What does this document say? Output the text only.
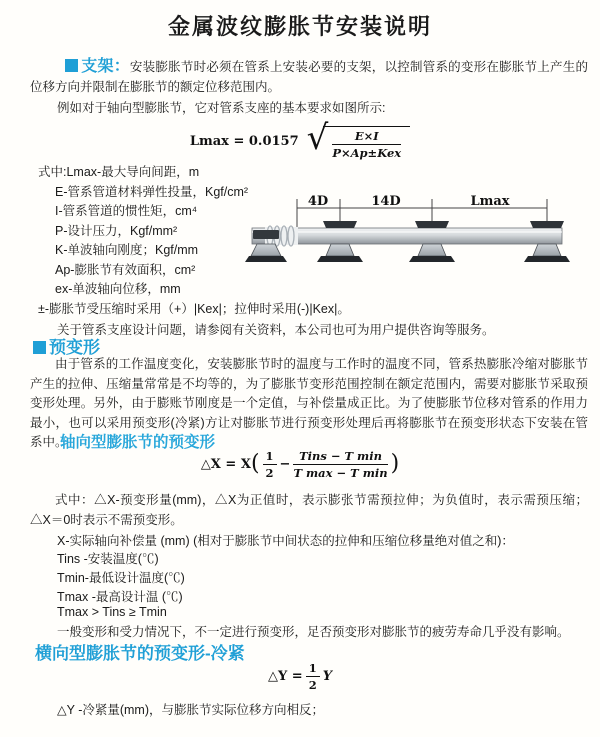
金属波纹膨胀节安装说明
支架：安装膨胀节时必须在管系上安装必要的支架，以控制管系的变形在膨胀节上产生的位移方向并限制在膨胀节的额定位移范围内。
例如对于轴向型膨胀节，它对管系支座的基本要求如图所示:
Lmax = 0.0157 √ $\frac{E\times I}{\text{P×Ap±Kex}}$
式中:Lmax-最大导向间距，m
E-管系管道材料弹性投量，Kgf/cm²
I-管系管道的惯性矩，cm⁴
P-设计压力，Kgf/mm²
K-单波轴向刚度；Kgf/mm
Ap-膨胀节有效面积，cm²
ex-单波轴向位移，mm
±-膨胀节受压缩时采用（+）|Kex|；拉伸时采用(-)|Kex|。
关于管系支座设计问题，请参阅有关资料，本公司也可为用户提供咨询等服务。
4D	14D	Lmax
预变形
由于管系的工作温度变化，安装膨胀节时的温度与工作时的温度不同，管系热膨胀冷缩对膨胀节产生的拉伸、压缩量常常是不均等的，为了膨胀节变形范围控制在额定范围内，需要对膨胀节采取预变形处理。另外，由于膨账节刚度是一个定值，与补偿量成正比。为了使膨胀节位移对管系的作用力最小，也可以采用预变形(冷紧)方让对膨胀节进行预变形处理后再将膨胀节在预变形状态下安装在管系中。
轴向型膨胀节的预变形
△X = X ( $\frac{1}{2} - \frac{\text{Tins − T min}}{\text{T max − T min}}$ )
式中：△X-预变形量(mm)，△X为正值时，表示膨张节需预拉伸；为负值时，表示需预压缩；△X＝0时表示不需预变形。
X-实际轴向补偿量 (mm) (相对于膨胀节中间状态的拉伸和压缩位移量绝对值之和)：
Tins -安装温度(℃)
Tmin-最低设计温度(℃)
Tmax -最高设计温 (℃)
Tmax > Tins ≥ Tmin
一般变形和受力情况下，不一定进行预变形，足否预变形对膨胀节的疲劳寿命几乎没有影响。
横向型膨胀节的预变形-冷紧
△Y = $\frac{1}{2}$ Y
△Y -冷紧量(mm)，与膨胀节实际位移方向相反；
